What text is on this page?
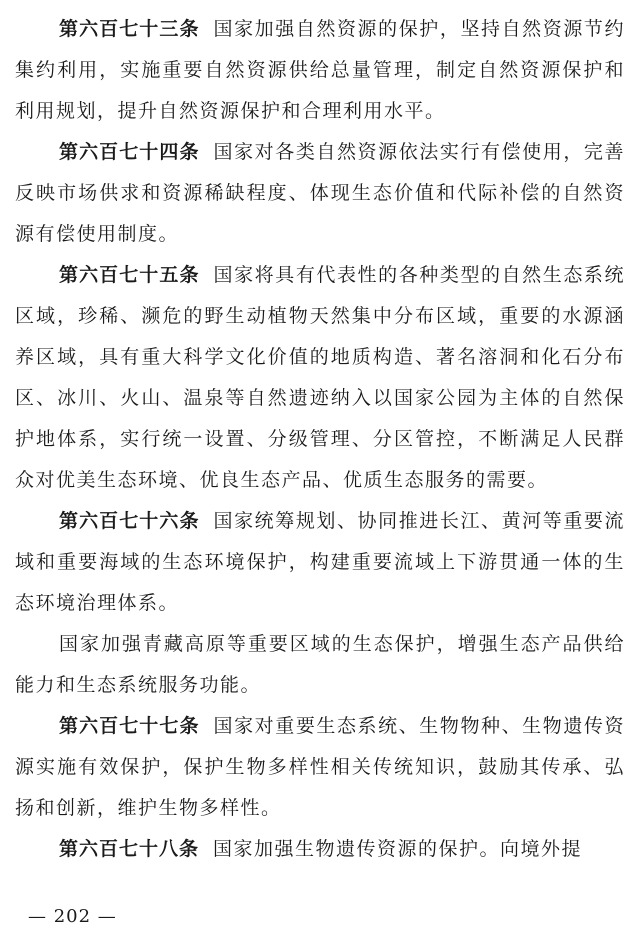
第六百七十三条 国家加强自然资源的保护，坚持自然资源节约集约利用，实施重要自然资源供给总量管理，制定自然资源保护和利用规划，提升自然资源保护和合理利用水平。

第六百七十四条 国家对各类自然资源依法实行有偿使用，完善反映市场供求和资源稀缺程度、体现生态价值和代际补偿的自然资源有偿使用制度。

第六百七十五条 国家将具有代表性的各种类型的自然生态系统区域，珍稀、濒危的野生动植物天然集中分布区域，重要的水源涵养区域，具有重大科学文化价值的地质构造、著名溶洞和化石分布区、冰川、火山、温泉等自然遗迹纳入以国家公园为主体的自然保护地体系，实行统一设置、分级管理、分区管控，不断满足人民群众对优美生态环境、优良生态产品、优质生态服务的需要。

第六百七十六条 国家统筹规划、协同推进长江、黄河等重要流域和重要海域的生态环境保护，构建重要流域上下游贯通一体的生态环境治理体系。

国家加强青藏高原等重要区域的生态保护，增强生态产品供给能力和生态系统服务功能。

第六百七十七条 国家对重要生态系统、生物物种、生物遗传资源实施有效保护，保护生物多样性相关传统知识，鼓励其传承、弘扬和创新，维护生物多样性。

第六百七十八条 国家加强生物遗传资源的保护。向境外提

— 202 —
